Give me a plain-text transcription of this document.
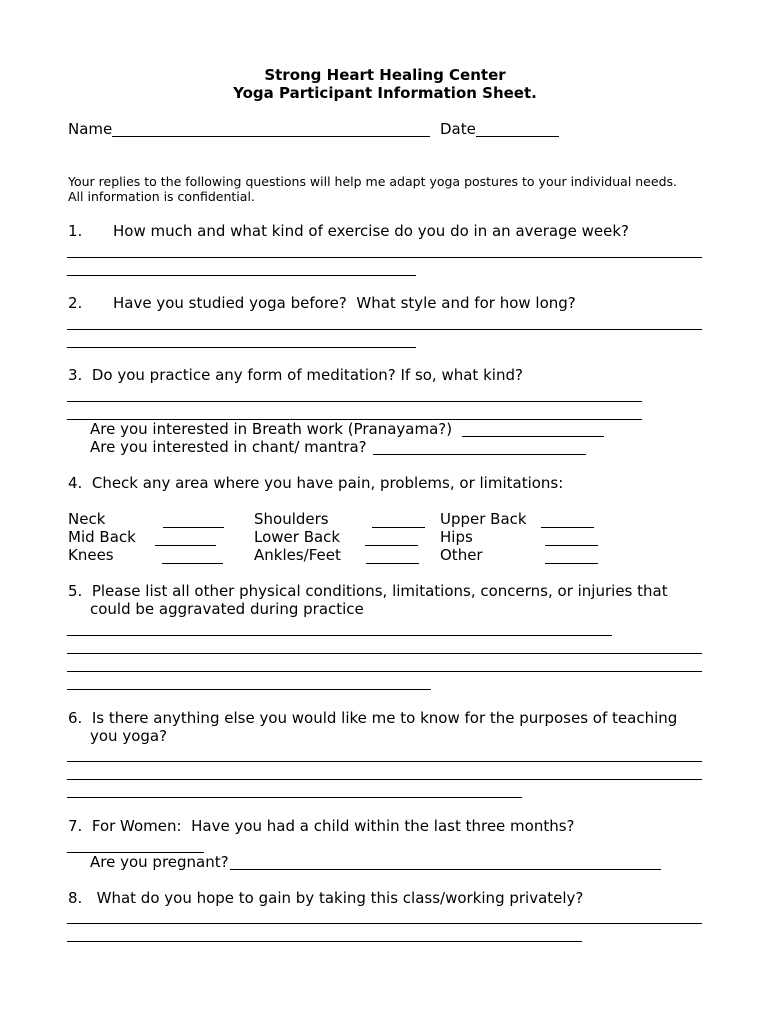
Strong Heart Healing Center
Yoga Participant Information Sheet.
Name	Date
Your replies to the following questions will help me adapt yoga postures to your individual needs.
All information is confidential.
1. How much and what kind of exercise do you do in an average week?
2. Have you studied yoga before?  What style and for how long?
3.  Do you practice any form of meditation? If so, what kind?
Are you interested in Breath work (Pranayama?)
Are you interested in chant/ mantra?
4.  Check any area where you have pain, problems, or limitations:
Neck
Mid Back
Knees
Shoulders
Lower Back
Ankles/Feet
Upper Back
Hips
Other
5.  Please list all other physical conditions, limitations, concerns, or injuries that
could be aggravated during practice
6.  Is there anything else you would like me to know for the purposes of teaching
you yoga?
7.  For Women:  Have you had a child within the last three months?
Are you pregnant?
8.   What do you hope to gain by taking this class/working privately?
